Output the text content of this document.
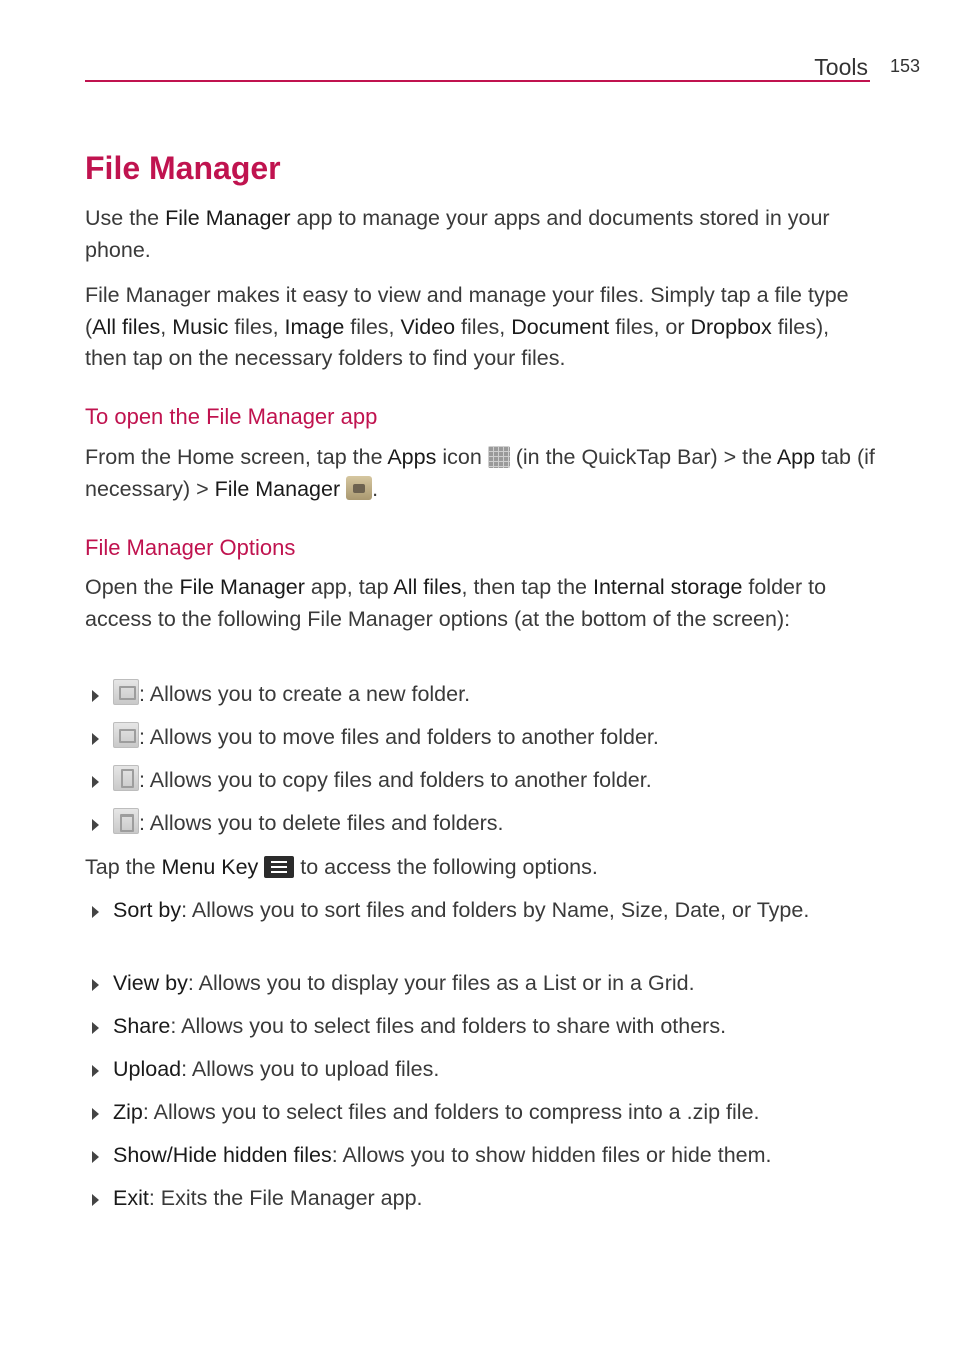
Tools 153
File Manager

Use the File Manager app to manage your apps and documents stored in your phone.

File Manager makes it easy to view and manage your files. Simply tap a file type (All files, Music files, Image files, Video files, Document files, or Dropbox files), then tap on the necessary folders to find your files.

To open the File Manager app

From the Home screen, tap the Apps icon  (in the QuickTap Bar) > the App tab (if necessary) > File Manager .

File Manager Options

Open the File Manager app, tap All files, then tap the Internal storage folder to access to the following File Manager options (at the bottom of the screen):

: Allows you to create a new folder.
: Allows you to move files and folders to another folder.
: Allows you to copy files and folders to another folder.
: Allows you to delete files and folders.

Tap the Menu Key  to access the following options.

Sort by: Allows you to sort files and folders by Name, Size, Date, or Type.
View by: Allows you to display your files as a List or in a Grid.
Share: Allows you to select files and folders to share with others.
Upload: Allows you to upload files.
Zip: Allows you to select files and folders to compress into a .zip file.
Show/Hide hidden files: Allows you to show hidden files or hide them.
Exit: Exits the File Manager app.
